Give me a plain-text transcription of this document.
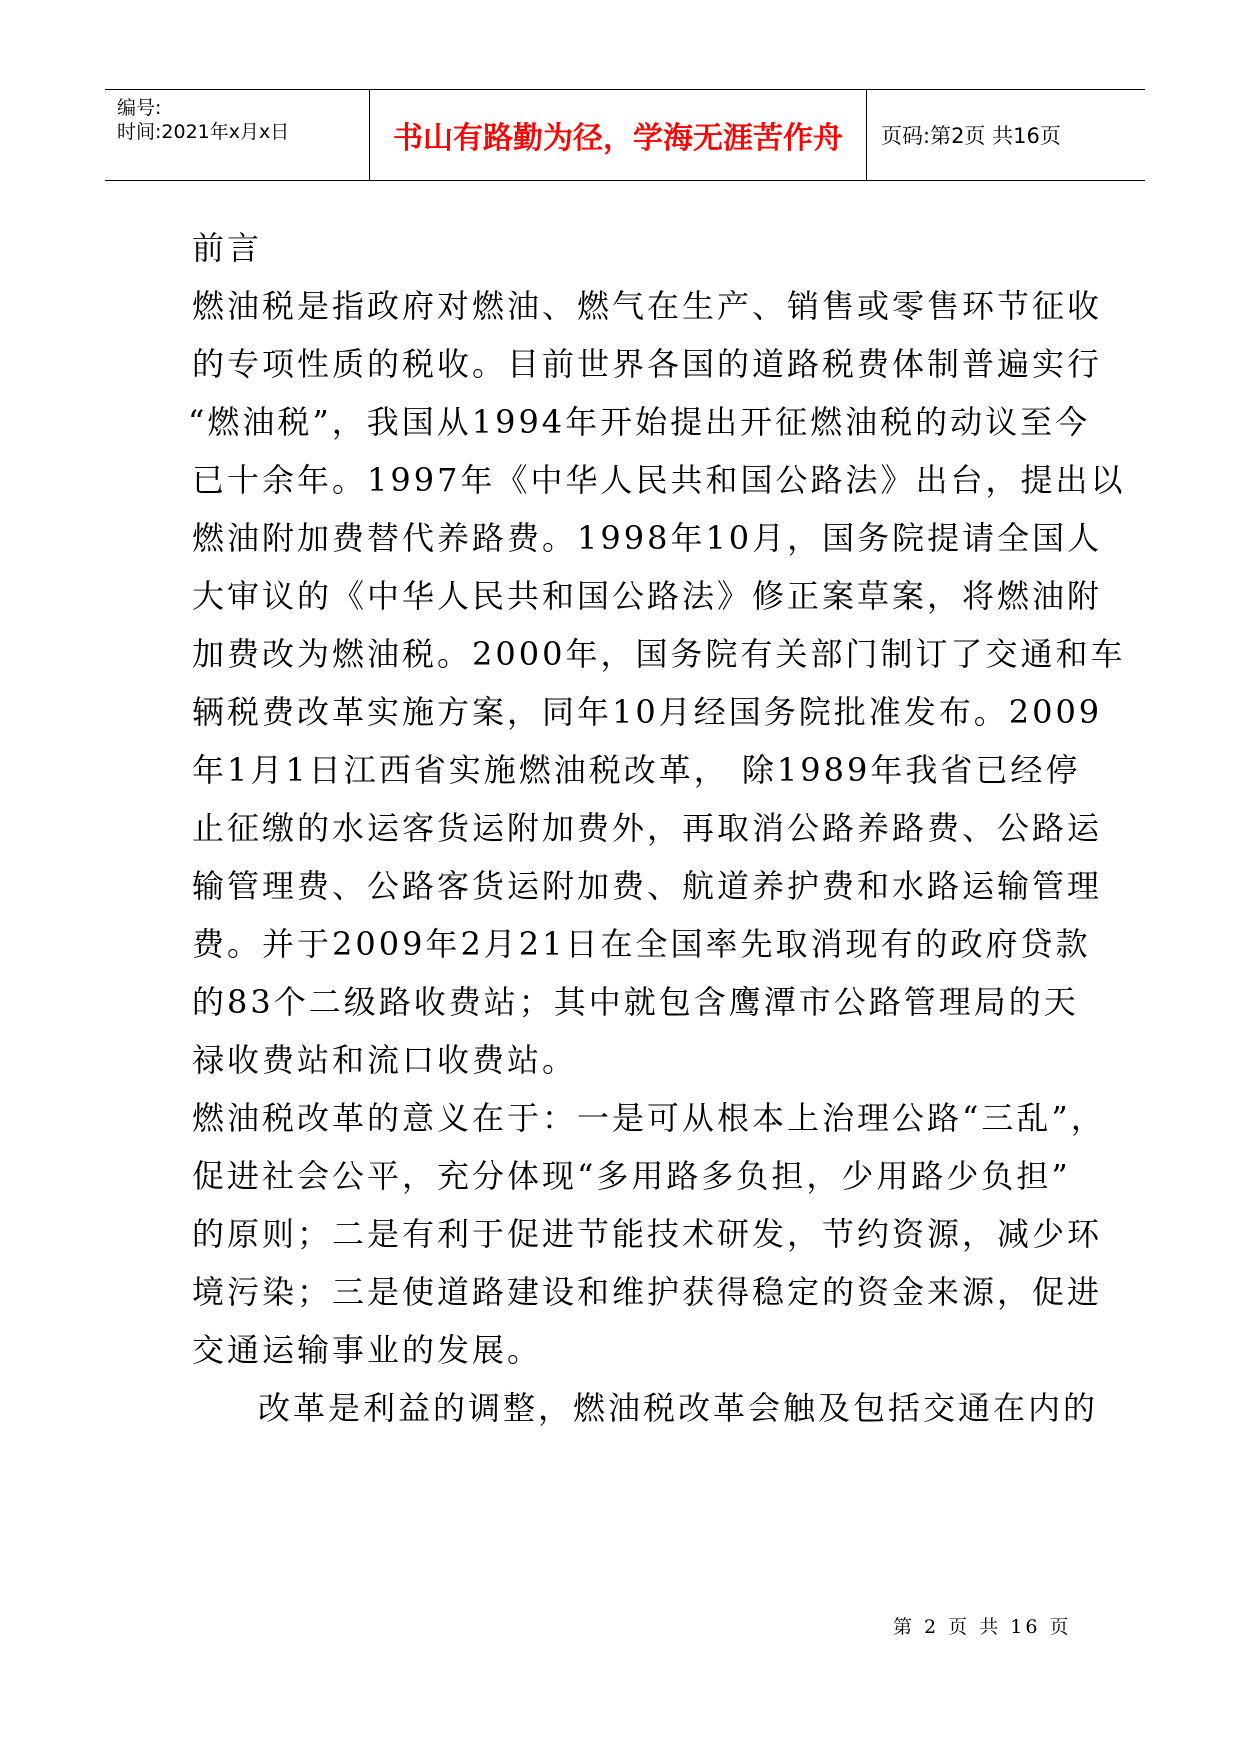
编号:
时间:2021年x月x日	书山有路勤为径，学海无涯苦作舟 页码:第2页 共16页
前言
燃油税是指政府对燃油、燃气在生产、销售或零售环节征收
的专项性质的税收。目前世界各国的道路税费体制普遍实行
“燃油税”，我国从1994年开始提出开征燃油税的动议至今
已十余年。1997年《中华人民共和国公路法》出台，提出以
燃油附加费替代养路费。1998年10月，国务院提请全国人
大审议的《中华人民共和国公路法》修正案草案，将燃油附
加费改为燃油税。2000年，国务院有关部门制订了交通和车
辆税费改革实施方案，同年10月经国务院批准发布。2009
年1月1日江西省实施燃油税改革， 除1989年我省已经停
止征缴的水运客货运附加费外，再取消公路养路费、公路运
输管理费、公路客货运附加费、航道养护费和水路运输管理
费。并于2009年2月21日在全国率先取消现有的政府贷款
的83个二级路收费站；其中就包含鹰潭市公路管理局的天
禄收费站和流口收费站。
燃油税改革的意义在于：一是可从根本上治理公路“三乱”，
促进社会公平，充分体现“多用路多负担，少用路少负担”
的原则；二是有利于促进节能技术研发，节约资源，减少环
境污染；三是使道路建设和维护获得稳定的资金来源，促进
交通运输事业的发展。
改革是利益的调整，燃油税改革会触及包括交通在内的
第 2 页 共 16 页
